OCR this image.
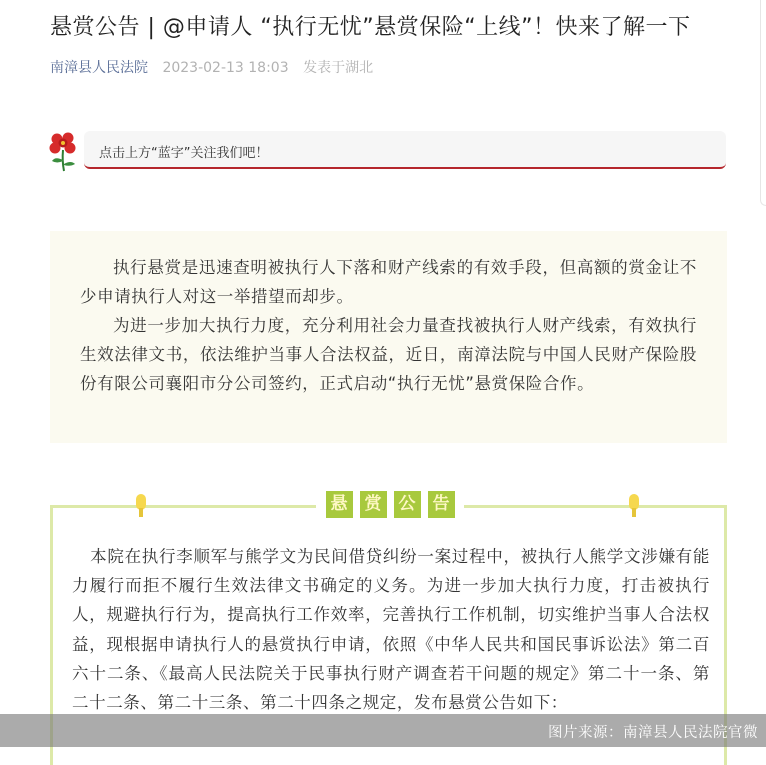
悬赏公告 | @申请人 “执行无忧”悬赏保险“上线”！快来了解一下
南漳县人民法院 2023-02-13 18:03 发表于湖北
点击上方“蓝字”关注我们吧！

执行悬赏是迅速查明被执行人下落和财产线索的有效手段，但高额的赏金让不少申请执行人对这一举措望而却步。

为进一步加大执行力度，充分利用社会力量查找被执行人财产线索，有效执行生效法律文书，依法维护当事人合法权益，近日，南漳法院与中国人民财产保险股份有限公司襄阳市分公司签约，正式启动“执行无忧”悬赏保险合作。

悬 赏 公 告

本院在执行李顺军与熊学文为民间借贷纠纷一案过程中，被执行人熊学文涉嫌有能力履行而拒不履行生效法律文书确定的义务。为进一步加大执行力度，打击被执行人，规避执行行为，提高执行工作效率，完善执行工作机制，切实维护当事人合法权益，现根据申请执行人的悬赏执行申请，依照《中华人民共和国民事诉讼法》第二百六十二条、《最高人民法院关于民事执行财产调查若干问题的规定》第二十一条、第二十二条、第二十三条、第二十四条之规定，发布悬赏公告如下：

图片来源：南漳县人民法院官微
